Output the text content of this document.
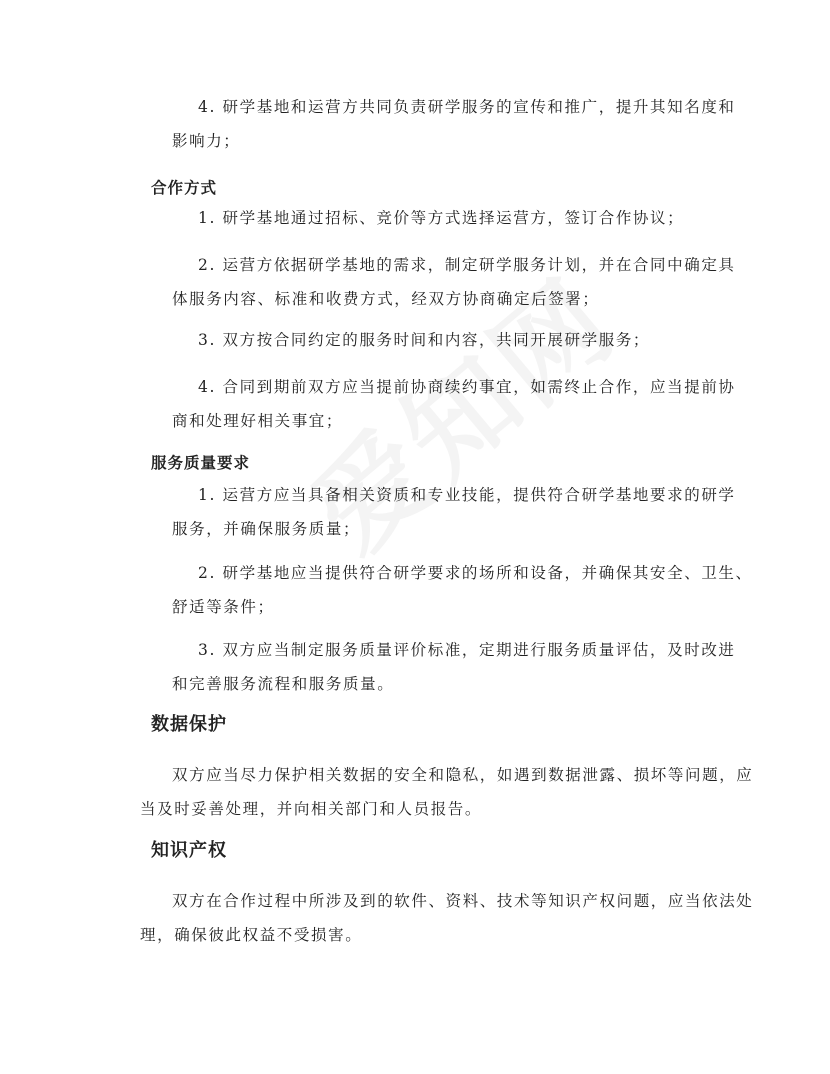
4. 研学基地和运营方共同负责研学服务的宣传和推广，提升其知名度和

影响力；

合作方式

1. 研学基地通过招标、竞价等方式选择运营方，签订合作协议；

2. 运营方依据研学基地的需求，制定研学服务计划，并在合同中确定具

体服务内容、标准和收费方式，经双方协商确定后签署；

3. 双方按合同约定的服务时间和内容，共同开展研学服务；

4. 合同到期前双方应当提前协商续约事宜，如需终止合作，应当提前协

商和处理好相关事宜；

服务质量要求

1. 运营方应当具备相关资质和专业技能，提供符合研学基地要求的研学

服务，并确保服务质量；

2. 研学基地应当提供符合研学要求的场所和设备，并确保其安全、卫生、

舒适等条件；

3. 双方应当制定服务质量评价标准，定期进行服务质量评估，及时改进

和完善服务流程和服务质量。

数据保护

双方应当尽力保护相关数据的安全和隐私，如遇到数据泄露、损坏等问题，应

当及时妥善处理，并向相关部门和人员报告。

知识产权

双方在合作过程中所涉及到的软件、资料、技术等知识产权问题，应当依法处

理，确保彼此权益不受损害。
